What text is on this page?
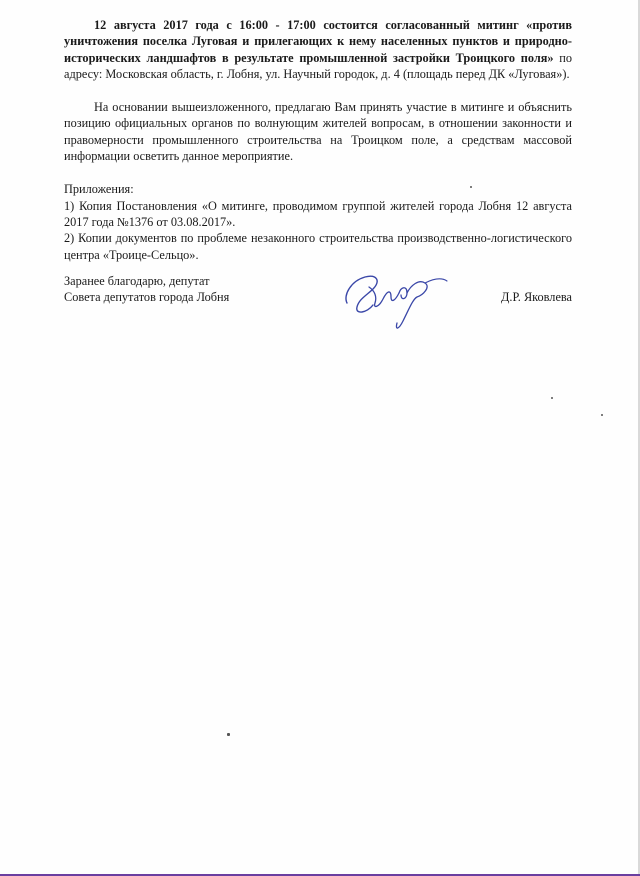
12 августа 2017 года с 16:00 - 17:00 состоится согласованный митинг «против уничтожения поселка Луговая и прилегающих к нему населенных пунктов и природно-исторических ландшафтов в результате промышленной застройки Троицкого поля» по адресу: Московская область, г. Лобня, ул. Научный городок, д. 4 (площадь перед ДК «Луговая»).

На основании вышеизложенного, предлагаю Вам принять участие в митинге и объяснить позицию официальных органов по волнующим жителей вопросам, в отношении законности и правомерности промышленного строительства на Троицком поле, а средствам массовой информации осветить данное мероприятие.

Приложения:

1) Копия Постановления «О митинге, проводимом группой жителей города Лобня 12 августа 2017 года №1376 от 03.08.2017».

2) Копии документов по проблеме незаконного строительства производственно-логистического центра «Троице-Сельцо».

Заранее благодарю, депутат
Совета депутатов города Лобня	Д.Р. Яковлева
